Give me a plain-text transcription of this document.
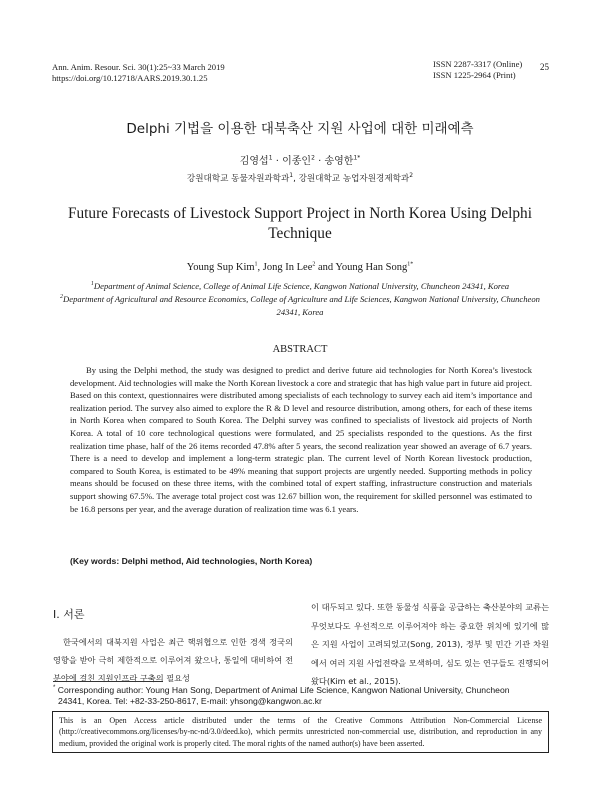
Ann. Anim. Resour. Sci. 30(1):25~33 March 2019
https://doi.org/10.12718/AARS.2019.30.1.25
ISSN 2287-3317 (Online)
ISSN 1225-2964 (Print)
25
Delphi 기법을 이용한 대북축산 지원 사업에 대한 미래예측
김영섭$^1$ · 이종인$^2$ · 송영한$^{1*}$
강원대학교 동물자원과학과$^1$, 강원대학교 농업자원경제학과$^2$
Future Forecasts of Livestock Support Project in North Korea Using Delphi Technique
Young Sup Kim$^1$, Jong In Lee$^2$ and Young Han Song$^{1*}$
$^1$Department of Animal Science, College of Animal Life Science, Kangwon National University, Chuncheon 24341, Korea
$^2$Department of Agricultural and Resource Economics, College of Agriculture and Life Sciences, Kangwon National University, Chuncheon 24341, Korea
ABSTRACT

By using the Delphi method, the study was designed to predict and derive future aid technologies for North Korea’s livestock development. Aid technologies will make the North Korean livestock a core and strategic that has high value part in future aid project. Based on this context, questionnaires were distributed among specialists of each technology to survey each aid item’s importance and realization period. The survey also aimed to explore the R & D level and resource distribution, among others, for each of these items in North Korea when compared to South Korea. The Delphi survey was confined to specialists of livestock aid projects of North Korea. A total of 10 core technological questions were formulated, and 25 specialists responded to the questions. As the first realization time phase, half of the 26 items recorded 47.8% after 5 years, the second realization year showed an average of 6.7 years. There is a need to develop and implement a long-term strategic plan. The current level of North Korean livestock production, compared to South Korea, is estimated to be 49% meaning that support projects are urgently needed. Supporting methods in policy means should be focused on these three items, with the combined total of expert staffing, infrastructure construction and materials support showing 67.5%. The average total project cost was 12.67 billion won, the requirement for skilled personnel was estimated to be 16.8 persons per year, and the average duration of realization time was 6.1 years.

(Key words: Delphi method, Aid technologies, North Korea)
Ⅰ. 서론

한국에서의 대북지원 사업은 최근 핵위협으로 인한 경색 정국의 영향을 받아 극히 제한적으로 이루어져 왔으나, 통일에 대비하여 전 분야에 걸친 지원인프라 구축의 필요성

이 대두되고 있다. 또한 동물성 식품을 공급하는 축산분야의 교류는 무엇보다도 우선적으로 이루어져야 하는 중요한 위치에 있기에 많은 지원 사업이 고려되었고(Song, 2013), 정부 및 민간 기관 차원에서 여러 지원 사업전략을 모색하며, 심도 있는 연구들도 진행되어 왔다(Kim et al., 2015).

* Corresponding author: Young Han Song, Department of Animal Life Science, Kangwon National University, Chuncheon
24341, Korea. Tel: +82-33-250-8617, E-mail: yhsong@kangwon.ac.kr
This is an Open Access article distributed under the terms of the Creative Commons Attribution Non-Commercial License (http://creativecommons.org/licenses/by-nc-nd/3.0/deed.ko), which permits unrestricted non-commercial use, distribution, and reproduction in any medium, provided the original work is properly cited. The moral rights of the named author(s) have been asserted.
